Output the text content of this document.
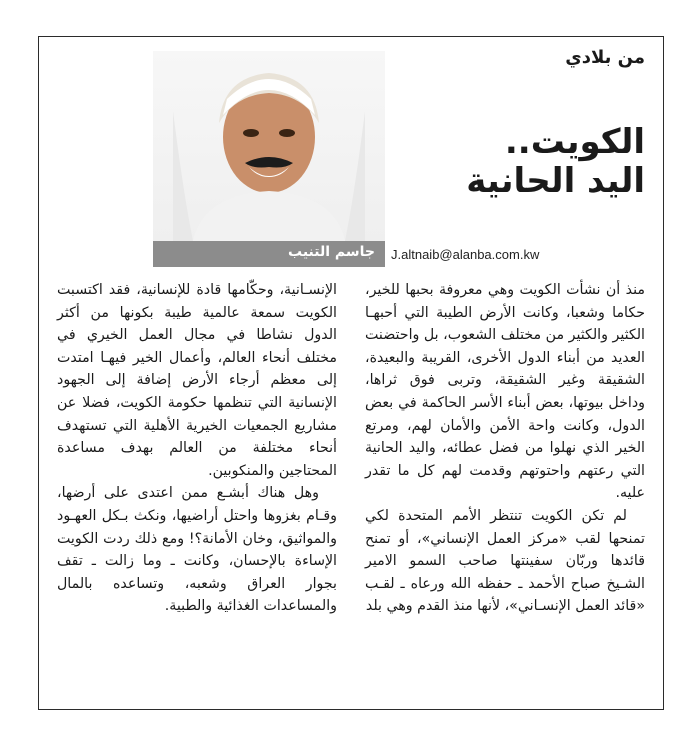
من بلادي
جاسم التنيب J.altnaib@alanba.com.kw
الكويت..
اليد الحانية

منذ أن نشأت الكويت وهي معروفة بحبها للخير، حكاما وشعبا، وكانت الأرض الطيبة التي أحبهـا الكثير والكثير من مختلف الشعوب، بل واحتضنت العديد من أبناء الدول الأخرى، القريبة والبعيدة، الشقيقة وغير الشقيقة، وتربى فوق ثراها، وداخل بيوتها، بعض أبناء الأسر الحاكمة في بعض الدول، وكانت واحة الأمن والأمان لهم، ومرتع الخير الذي نهلوا من فضل عطائه، واليد الحانية التي رعتهم واحتوتهم وقدمت لهم كل ما تقدر عليه.

لم تكن الكويت تنتظر الأمم المتحدة لكي تمنحها لقب «مركز العمل الإنساني»، أو تمنح قائدها وربّان سفينتها صاحب السمو الامير الشـيخ صباح الأحمد ـ حفظه الله ورعاه ـ لقـب «قائد العمل الإنسـاني»، لأنها منذ القدم وهي بلد

الإنسـانية، وحكّامها قادة للإنسانية، فقد اكتسبت الكويت سمعة عالمية طيبة بكونها من أكثر الدول نشاطا في مجال العمل الخيري في مختلف أنحاء العالم، وأعمال الخير فيهـا امتدت إلى معظم أرجاء الأرض إضافة إلى الجهود الإنسانية التي تنظمها حكومة الكويت، فضلا عن مشاريع الجمعيات الخيرية الأهلية التي تستهدف أنحاء مختلفة من العالم بهدف مساعدة المحتاجين والمنكوبين.

وهل هناك أبشـع ممن اعتدى على أرضها، وقـام بغزوها واحتل أراضيها، ونكث بـكل العهـود والمواثيق، وخان الأمانة؟! ومع ذلك ردت الكويت الإساءة بالإحسان، وكانت ـ وما زالت ـ تقف بجوار العراق وشعبه، وتساعده بالمال والمساعدات الغذائية والطبية.
